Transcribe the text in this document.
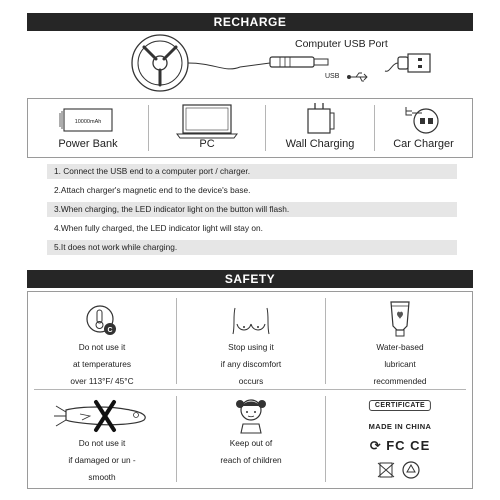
RECHARGE
Computer USB Port
USB
10000mAh
Power Bank	PC	Wall Charging	Car Charger
1. Connect the USB end to a computer port / charger.
2.Attach charger's magnetic end to the device's base.
3.When charging, the LED indicator light on the button will flash.
4.When fully charged, the LED indicator light will stay on.
5.It does not work while charging.
SAFETY
C
Do not use it
at temperatures
over 113°F/ 45°C
Stop using it
if any discomfort
occurs
Water-based
lubricant
recommended
Do not use it
if damaged or un -
smooth
Keep out of
reach of children
CERTIFICATE
MADE IN CHINA
⟳ FC CE
